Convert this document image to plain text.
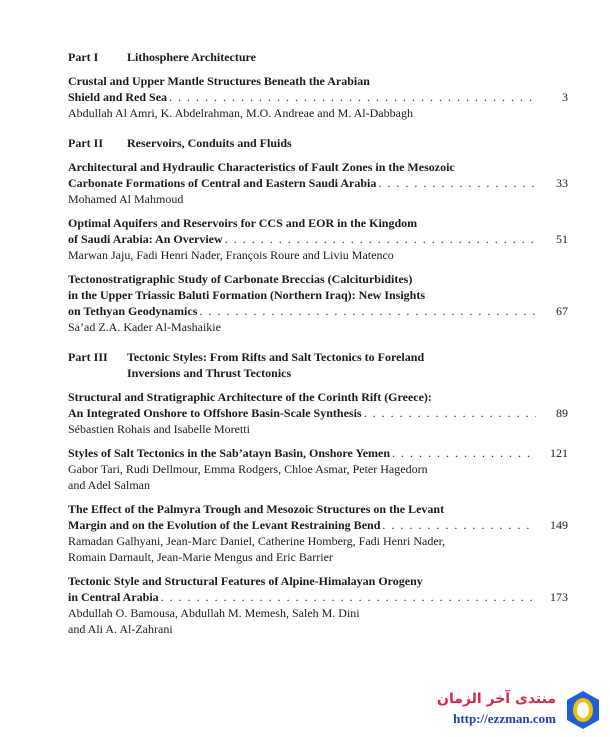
Part I	Lithosphere Architecture
Crustal and Upper Mantle Structures Beneath the Arabian
Shield and Red Sea . . .	3
Abdullah Al Amri, K. Abdelrahman, M.O. Andreae and M. Al-Dabbagh
Part II	Reservoirs, Conduits and Fluids
Architectural and Hydraulic Characteristics of Fault Zones in the Mesozoic
Carbonate Formations of Central and Eastern Saudi Arabia . . .	33
Mohamed Al Mahmoud
Optimal Aquifers and Reservoirs for CCS and EOR in the Kingdom
of Saudi Arabia: An Overview . . .	51
Marwan Jaju, Fadi Henri Nader, François Roure and Liviu Matenco
Tectonostratigraphic Study of Carbonate Breccias (Calciturbidites)
in the Upper Triassic Baluti Formation (Northern Iraq): New Insights
on Tethyan Geodynamics . . .	67
Sa’ad Z.A. Kader Al-Mashaikie
Part III	Tectonic Styles: From Rifts and Salt Tectonics to Foreland
Inversions and Thrust Tectonics
Structural and Stratigraphic Architecture of the Corinth Rift (Greece):
An Integrated Onshore to Offshore Basin-Scale Synthesis . . .	89
Sébastien Rohais and Isabelle Moretti
Styles of Salt Tectonics in the Sab’atayn Basin, Onshore Yemen . . .	121
Gabor Tari, Rudi Dellmour, Emma Rodgers, Chloe Asmar, Peter Hagedorn
and Adel Salman
The Effect of the Palmyra Trough and Mesozoic Structures on the Levant
Margin and on the Evolution of the Levant Restraining Bend . . .	149
Ramadan Galhyani, Jean-Marc Daniel, Catherine Homberg, Fadi Henri Nader,
Romain Darnault, Jean-Marie Mengus and Eric Barrier
Tectonic Style and Structural Features of Alpine-Himalayan Orogeny
in Central Arabia . . .	173
Abdullah O. Bamousa, Abdullah M. Memesh, Saleh M. Dini
and Ali A. Al-Zahrani
منتدى آخر الزمان
http://ezzman.com
